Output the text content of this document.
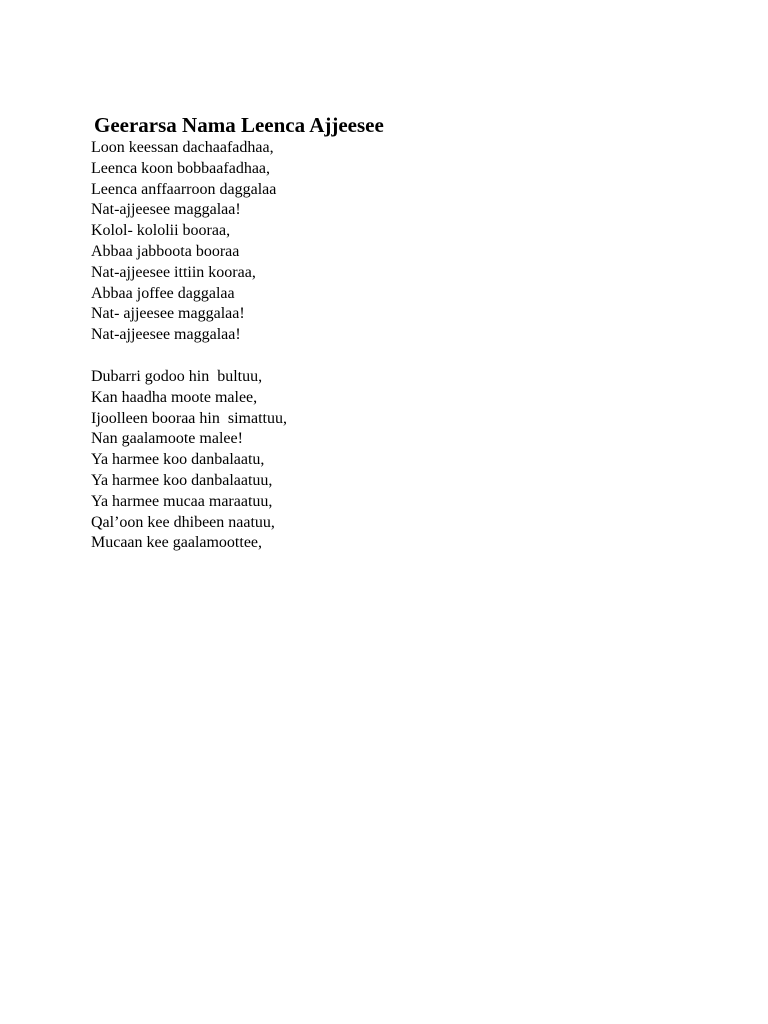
Geerarsa Nama Leenca Ajjeesee
Loon keessan dachaafadhaa,
Leenca koon bobbaafadhaa,
Leenca anffaarroon daggalaa
Nat-ajjeesee maggalaa!
Kolol- kololii booraa,
Abbaa jabboota booraa
Nat-ajjeesee ittiin kooraa,
Abbaa joffee daggalaa
Nat- ajjeesee maggalaa!
Nat-ajjeesee maggalaa!
Dubarri godoo hin  bultuu,
Kan haadha moote malee,
Ijoolleen booraa hin  simattuu,
Nan gaalamoote malee!
Ya harmee koo danbalaatu,
Ya harmee koo danbalaatuu,
Ya harmee mucaa maraatuu,
Qal’oon kee dhibeen naatuu,
Mucaan kee gaalamoottee,
